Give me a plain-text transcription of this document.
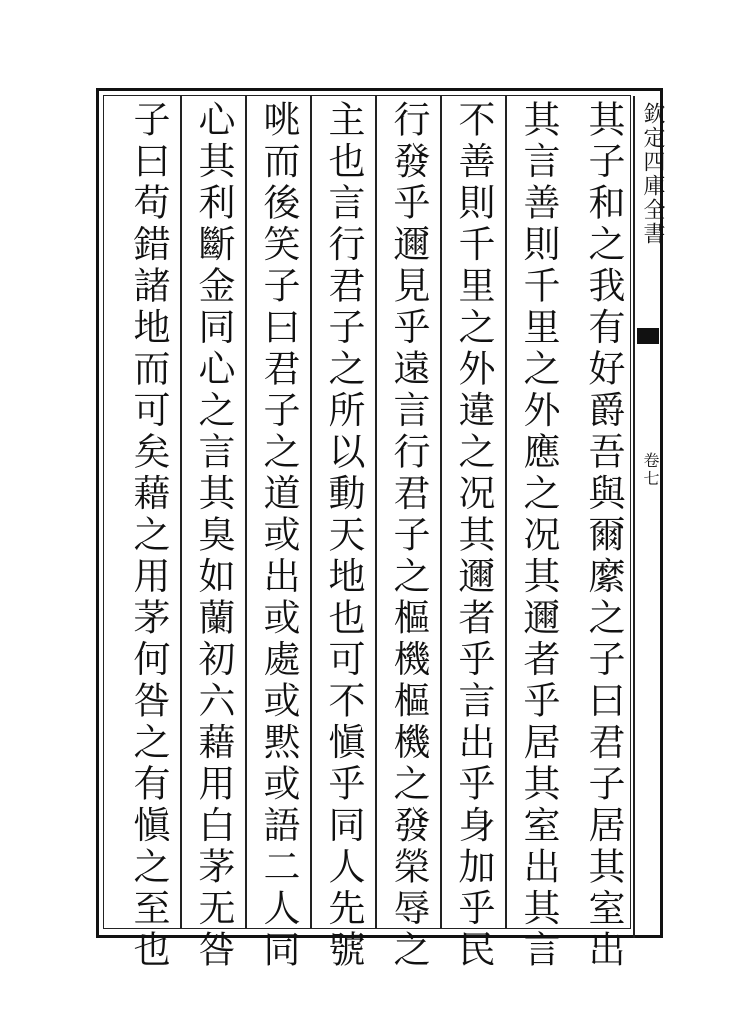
欽定四庫全書
卷七
其子和之我有好爵吾與爾縻之子曰君子居其室出
其言善則千里之外應之况其邇者乎居其室出其言
不善則千里之外違之况其邇者乎言出乎身加乎民
行發乎邇見乎遠言行君子之樞機樞機之發榮辱之
主也言行君子之所以動天地也可不愼乎同人先號
咷而後笑子曰君子之道或出或處或黙或語二人同
心其利斷金同心之言其臭如蘭初六藉用白茅无咎
子曰苟錯諸地而可矣藉之用茅何咎之有愼之至也
